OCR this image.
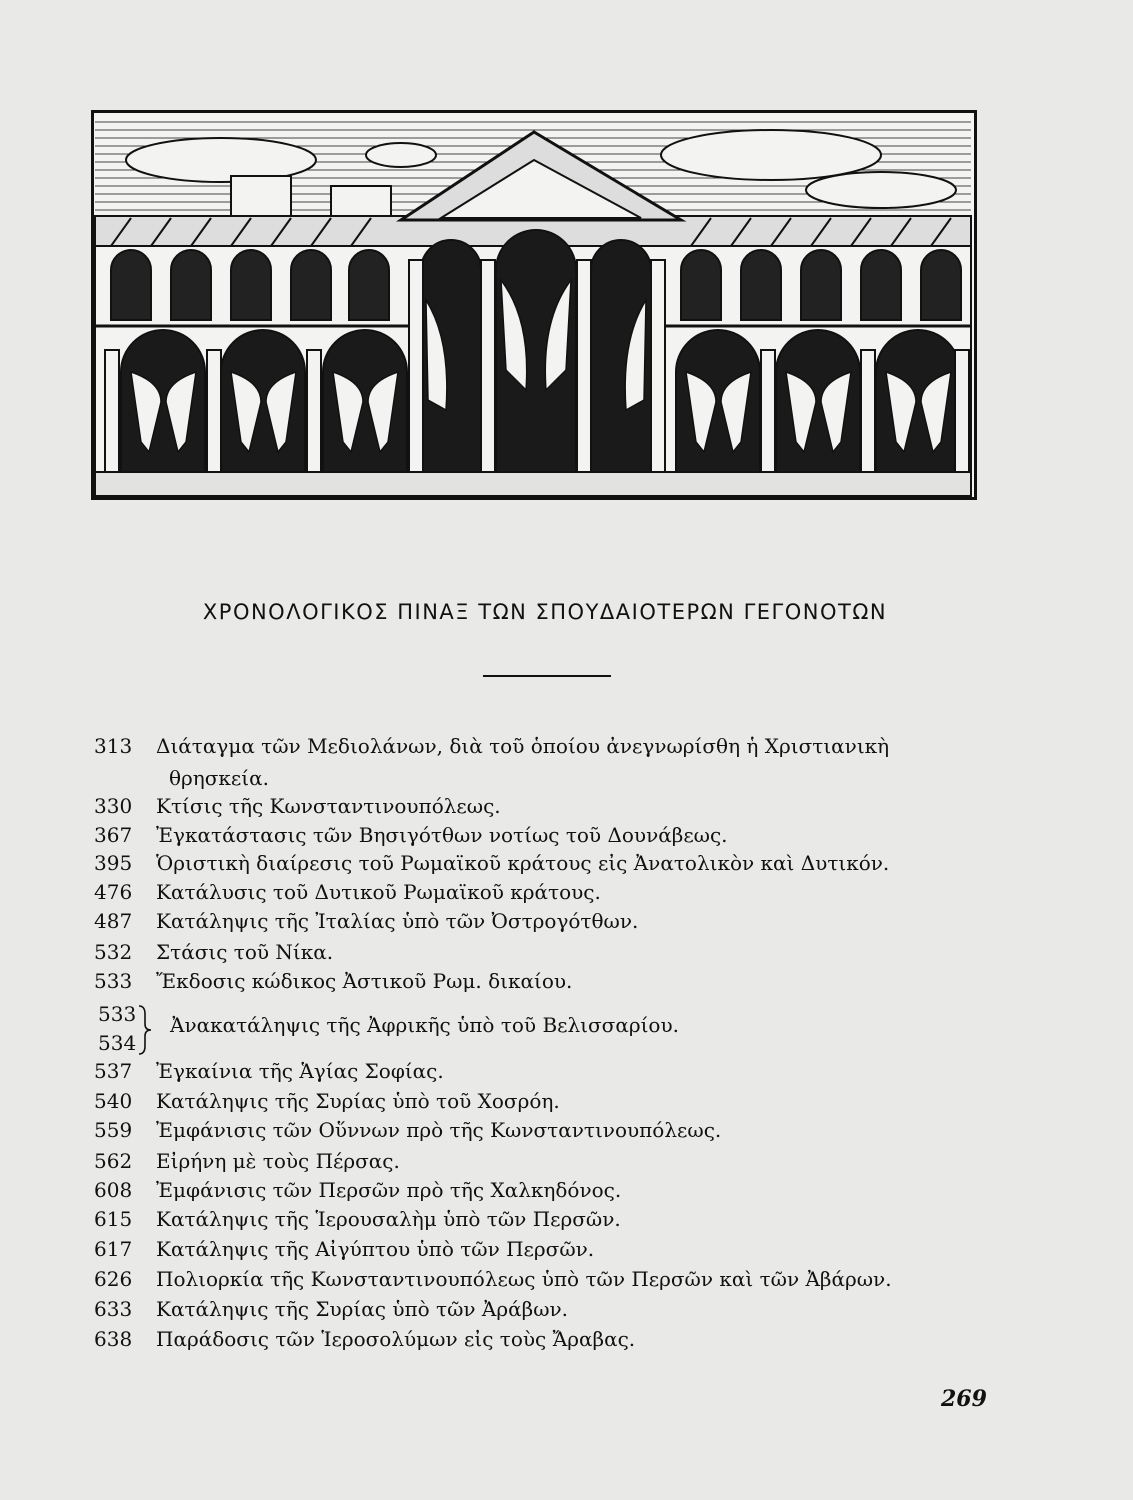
ΧΡΟΝΟΛΟΓΙΚΟΣ ΠΙΝΑΞ ΤΩΝ ΣΠΟΥΔΑΙΟΤΕΡΩΝ ΓΕΓΟΝΟΤΩΝ
313 Διάταγμα τῶν Μεδιολάνων, διὰ τοῦ ὁποίου ἀνεγνωρίσθη ἡ Χριστιανικὴ
θρησκεία.
330 Κτίσις τῆς Κωνσταντινουπόλεως.
367 Ἐγκατάστασις τῶν Βησιγότθων νοτίως τοῦ Δουνάβεως.
395 Ὁριστικὴ διαίρεσις τοῦ Ρωμαϊκοῦ κράτους εἰς Ἀνατολικὸν καὶ Δυτικόν.
476 Κατάλυσις τοῦ Δυτικοῦ Ρωμαϊκοῦ κράτους.
487 Κατάληψις τῆς Ἰταλίας ὑπὸ τῶν Ὀστρογότθων.
532 Στάσις τοῦ Νίκα.
533 Ἔκδοσις κώδικος Ἀστικοῦ Ρωμ. δικαίου.
533
534
Ἀνακατάληψις τῆς Ἀφρικῆς ὑπὸ τοῦ Βελισσαρίου.
537 Ἐγκαίνια τῆς Ἁγίας Σοφίας.
540 Κατάληψις τῆς Συρίας ὑπὸ τοῦ Χοσρόη.
559 Ἐμφάνισις τῶν Οὕννων πρὸ τῆς Κωνσταντινουπόλεως.
562 Εἰρήνη μὲ τοὺς Πέρσας.
608 Ἐμφάνισις τῶν Περσῶν πρὸ τῆς Χαλκηδόνος.
615 Κατάληψις τῆς Ἱερουσαλὴμ ὑπὸ τῶν Περσῶν.
617 Κατάληψις τῆς Αἰγύπτου ὑπὸ τῶν Περσῶν.
626 Πολιορκία τῆς Κωνσταντινουπόλεως ὑπὸ τῶν Περσῶν καὶ τῶν Ἀβάρων.
633 Κατάληψις τῆς Συρίας ὑπὸ τῶν Ἀράβων.
638 Παράδοσις τῶν Ἱεροσολύμων εἰς τοὺς Ἄραβας.
269
